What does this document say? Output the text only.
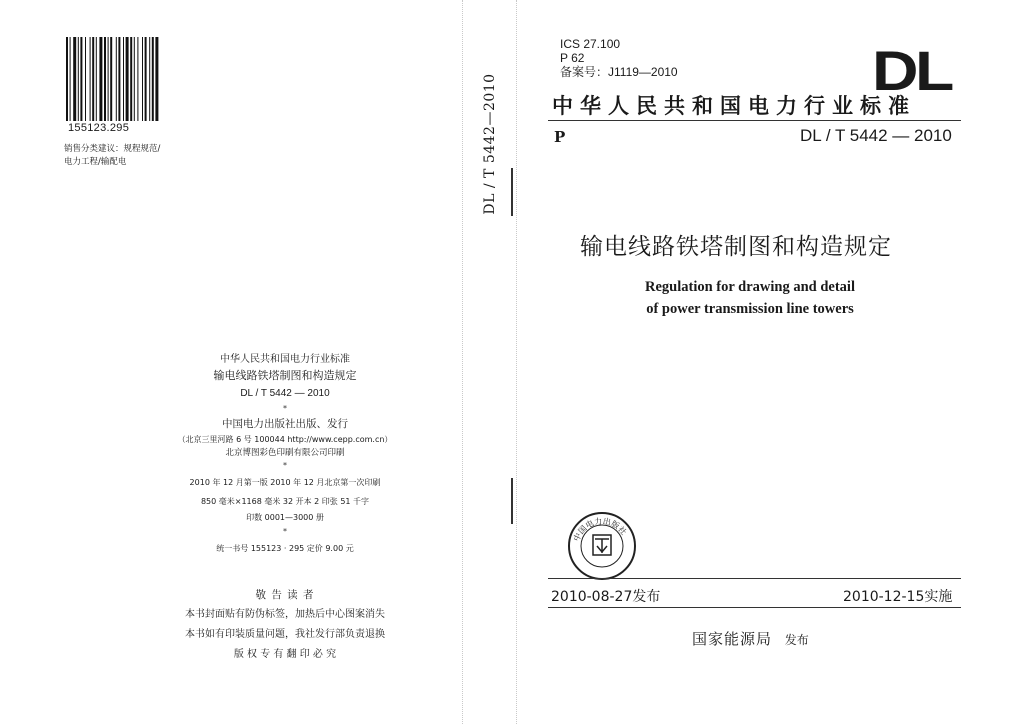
155123.295
销售分类建议：规程规范/
电力工程/输配电
中华人民共和国电力行业标准
输电线路铁塔制图和构造规定
DL / T 5442 — 2010
*
中国电力出版社出版、发行
（北京三里河路 6 号 100044 http://www.cepp.com.cn）
北京博图彩色印刷有限公司印刷
*
2010 年 12 月第一版 2010 年 12 月北京第一次印刷
850 毫米×1168 毫米 32 开本 2 印张 51 千字
印数 0001—3000 册
*
统一书号 155123 · 295 定价 9.00 元
敬 告 读 者
本书封面贴有防伪标签，加热后中心图案消失
本书如有印装质量问题，我社发行部负责退换
版 权 专 有 翻 印 必 究
DL / T 5442—2010
ICS 27.100
P 62
备案号：J1119—2010	DL
中华人民共和国电力行业标准
P	DL / T 5442 — 2010
输电线路铁塔制图和构造规定
Regulation for drawing and detail
of power transmission line towers
中国电力出版社
2010-08-27发布	2010-12-15实施
国家能源局 发布
